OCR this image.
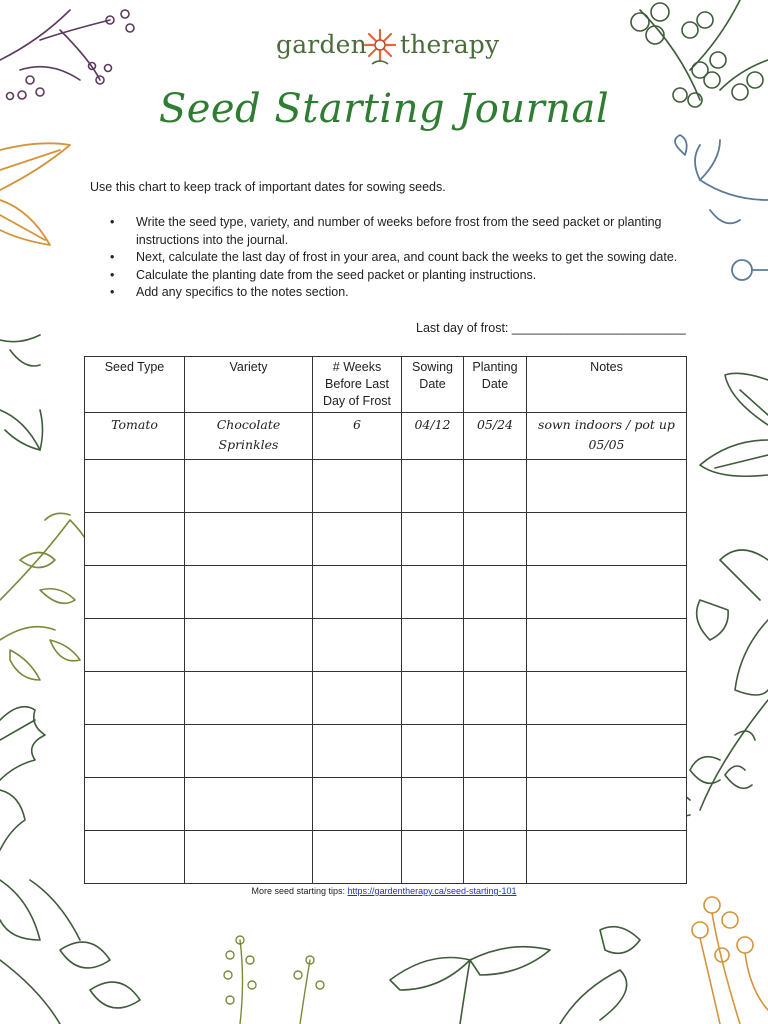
garden therapy
Seed Starting Journal
Use this chart to keep track of important dates for sowing seeds.
• Write the seed type, variety, and number of weeks before frost from the seed packet or planting instructions into the journal.
• Next, calculate the last day of frost in your area, and count back the weeks to get the sowing date.
• Calculate the planting date from the seed packet or planting instructions.
• Add any specifics to the notes section.
Last day of frost: _________________________
Seed Type	Variety	# Weeks Before Last Day of Frost	Sowing Date	Planting Date	Notes
Tomato	Chocolate Sprinkles	6	04/12	05/24	sown indoors / pot up 05/05

More seed starting tips: https://gardentherapy.ca/seed-starting-101
